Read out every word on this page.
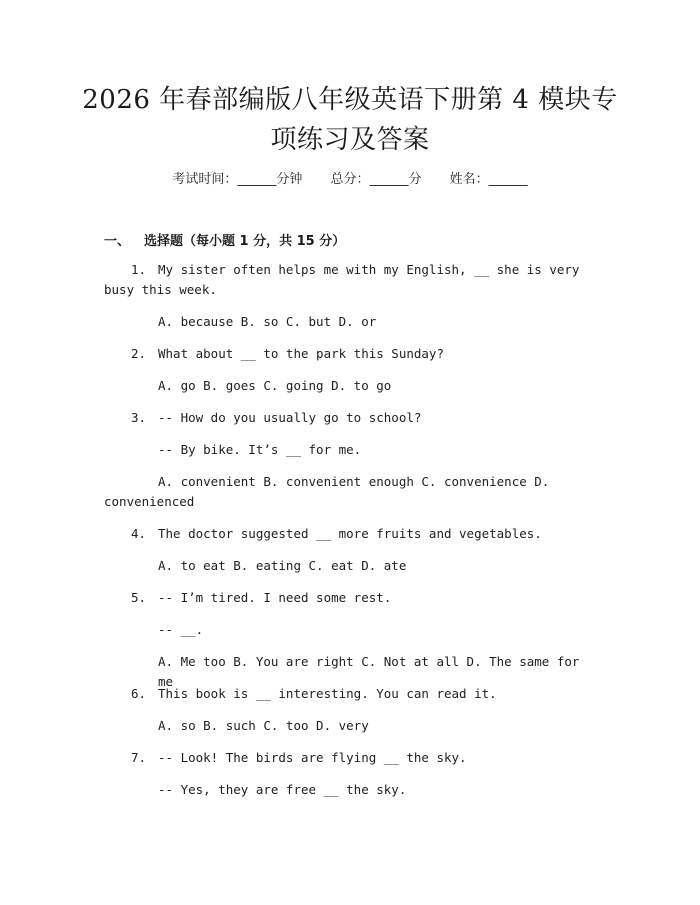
2026 年春部编版八年级英语下册第 4 模块专项练习及答案
考试时间：______分钟 总分：______分 姓名：______
一、 选择题（每小题 1 分，共 15 分）
1. My sister often helps me with my English, __ she is very busy this week.
A. because B. so C. but D. or
2. What about __ to the park this Sunday?
A. go B. goes C. going D. to go
3. -- How do you usually go to school?
-- By bike. It’s __ for me.
A. convenient B. convenient enough C. convenience D. convenienced
4. The doctor suggested __ more fruits and vegetables.
A. to eat B. eating C. eat D. ate
5. -- I’m tired. I need some rest.
-- __.
A. Me too B. You are right C. Not at all D. The same for me
6. This book is __ interesting. You can read it.
A. so B. such C. too D. very
7. -- Look! The birds are flying __ the sky.
-- Yes, they are free __ the sky.
